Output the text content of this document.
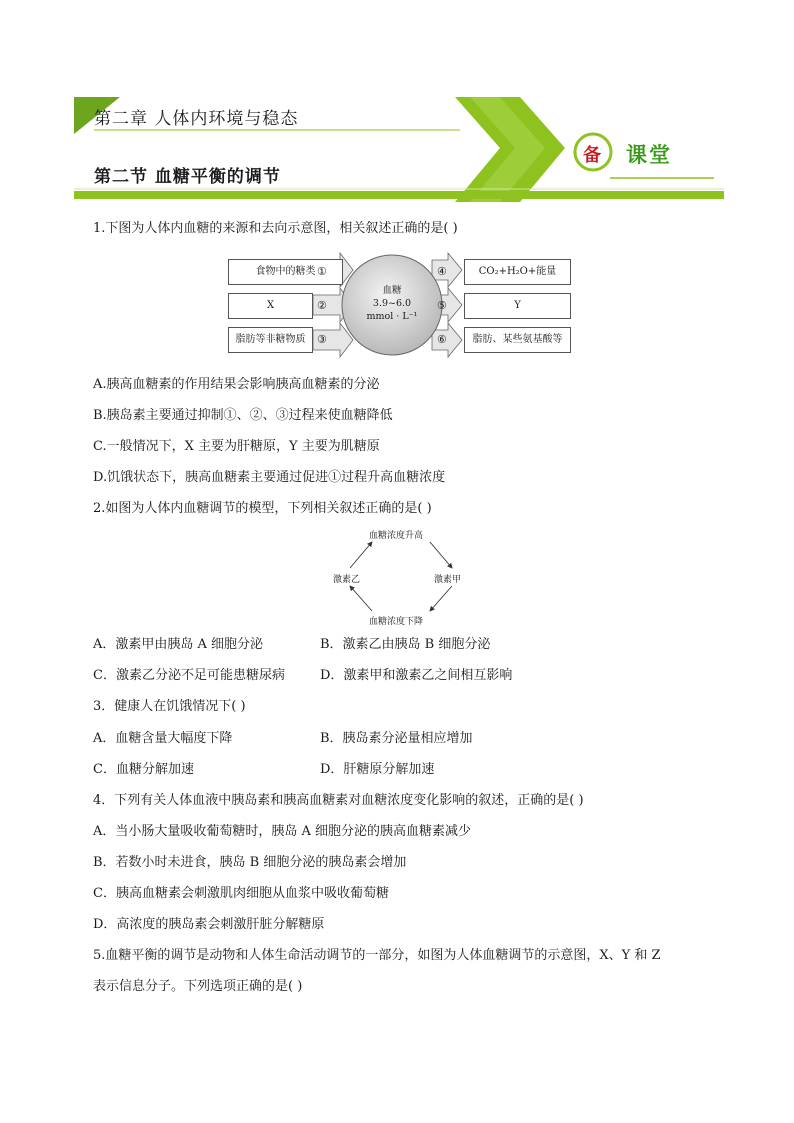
第二章 人体内环境与稳态
第二节 血糖平衡的调节
备 课堂
1.下图为人体内血糖的来源和去向示意图，相关叙述正确的是( )
食物中的糖类
X
脂肪等非糖物质
①
②
③
血糖
3.9~6.0
mmol · L⁻¹
④
⑤
⑥
CO₂+H₂O+能量
Y
脂肪、某些氨基酸等
A.胰高血糖素的作用结果会影响胰高血糖素的分泌
B.胰岛素主要通过抑制①、②、③过程来使血糖降低
C.一般情况下，X 主要为肝糖原，Y 主要为肌糖原
D.饥饿状态下，胰高血糖素主要通过促进①过程升高血糖浓度
2.如图为人体内血糖调节的模型，下列相关叙述正确的是( )
血糖浓度升高
激素甲
血糖浓度下降
激素乙
A．激素甲由胰岛 A 细胞分泌	B．激素乙由胰岛 B 细胞分泌
C．激素乙分泌不足可能患糖尿病	D．激素甲和激素乙之间相互影响
3．健康人在饥饿情况下( )
A．血糖含量大幅度下降	B．胰岛素分泌量相应增加
C．血糖分解加速	D．肝糖原分解加速
4．下列有关人体血液中胰岛素和胰高血糖素对血糖浓度变化影响的叙述，正确的是( )
A．当小肠大量吸收葡萄糖时，胰岛 A 细胞分泌的胰高血糖素减少
B．若数小时未进食，胰岛 B 细胞分泌的胰岛素会增加
C．胰高血糖素会刺激肌肉细胞从血浆中吸收葡萄糖
D．高浓度的胰岛素会刺激肝脏分解糖原
5.血糖平衡的调节是动物和人体生命活动调节的一部分，如图为人体血糖调节的示意图，X、Y 和 Z
表示信息分子。下列选项正确的是( )
